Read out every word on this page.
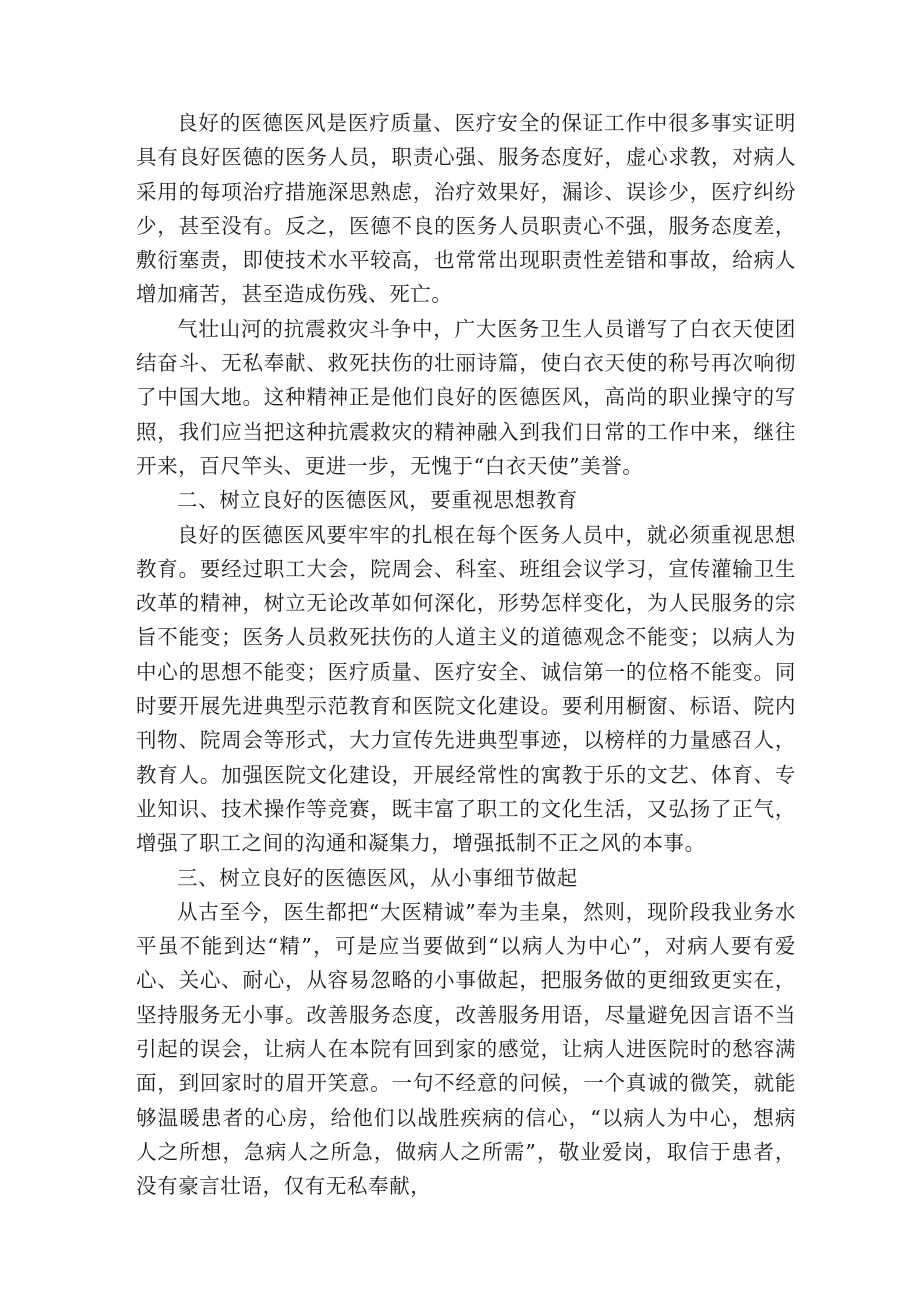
良好的医德医风是医疗质量、医疗安全的保证工作中很多事实证明具有良好医德的医务人员，职责心强、服务态度好，虚心求教，对病人采用的每项治疗措施深思熟虑，治疗效果好，漏诊、误诊少，医疗纠纷少，甚至没有。反之，医德不良的医务人员职责心不强，服务态度差，敷衍塞责，即使技术水平较高，也常常出现职责性差错和事故，给病人增加痛苦，甚至造成伤残、死亡。

气壮山河的抗震救灾斗争中，广大医务卫生人员谱写了白衣天使团结奋斗、无私奉献、救死扶伤的壮丽诗篇，使白衣天使的称号再次响彻了中国大地。这种精神正是他们良好的医德医风，高尚的职业操守的写照，我们应当把这种抗震救灾的精神融入到我们日常的工作中来，继往开来，百尺竿头、更进一步，无愧于“白衣天使”美誉。

二、树立良好的医德医风，要重视思想教育

良好的医德医风要牢牢的扎根在每个医务人员中，就必须重视思想教育。要经过职工大会，院周会、科室、班组会议学习，宣传灌输卫生改革的精神，树立无论改革如何深化，形势怎样变化，为人民服务的宗旨不能变；医务人员救死扶伤的人道主义的道德观念不能变；以病人为中心的思想不能变；医疗质量、医疗安全、诚信第一的位格不能变。同时要开展先进典型示范教育和医院文化建设。要利用橱窗、标语、院内刊物、院周会等形式，大力宣传先进典型事迹，以榜样的力量感召人，教育人。加强医院文化建设，开展经常性的寓教于乐的文艺、体育、专业知识、技术操作等竞赛，既丰富了职工的文化生活，又弘扬了正气，增强了职工之间的沟通和凝集力，增强抵制不正之风的本事。

三、树立良好的医德医风，从小事细节做起

从古至今，医生都把“大医精诚”奉为圭臬，然则，现阶段我业务水平虽不能到达“精”，可是应当要做到“以病人为中心”，对病人要有爱心、关心、耐心，从容易忽略的小事做起，把服务做的更细致更实在，坚持服务无小事。改善服务态度，改善服务用语，尽量避免因言语不当引起的误会，让病人在本院有回到家的感觉，让病人进医院时的愁容满面，到回家时的眉开笑意。一句不经意的问候，一个真诚的微笑，就能够温暖患者的心房，给他们以战胜疾病的信心，“以病人为中心，想病人之所想，急病人之所急，做病人之所需”，敬业爱岗，取信于患者，没有豪言壮语，仅有无私奉献，
